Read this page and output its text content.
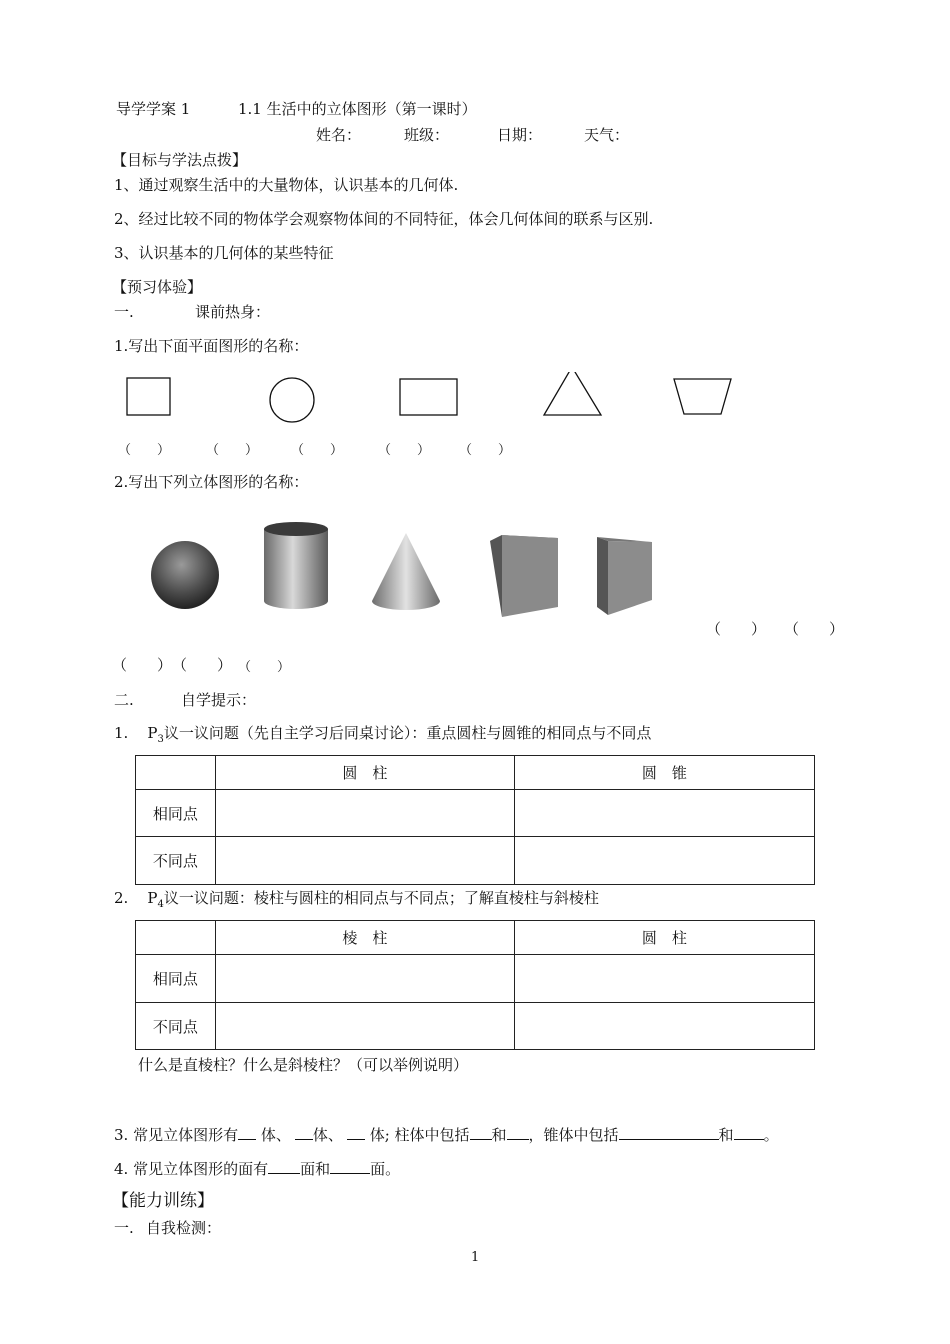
导学学案 1	1.1 生活中的立体图形（第一课时）
姓名：	班级：	日期：	天气：
【目标与学法点拨】
1、通过观察生活中的大量物体，认识基本的几何体.
2、经过比较不同的物体学会观察物体间的不同特征，体会几何体间的联系与区别.
3、认识基本的几何体的某些特征
【预习体验】
一.	课前热身：
1.写出下面平面图形的名称：
（　　）	（　　）	（　　）	（　　） （　　）
2.写出下列立体图形的名称：
（　　） （　　）
（　　） （　　） （　　）
二.	自学提示：
1. $P_3$议一议问题（先自主学习后同桌讨论）：重点圆柱与圆锥的相同点与不同点
	圆　柱	圆　锥
相同点		
不同点		
2. $P_4$议一议问题：棱柱与圆柱的相同点与不同点；了解直棱柱与斜棱柱
	棱　柱	圆　柱
相同点		
不同点		
什么是直棱柱？什么是斜棱柱？（可以举例说明）
3. 常见立体图形有 体、 体、 体; 柱体中包括 和 ，锥体中包括	和 。
4. 常见立体图形的面有 面和	面。
【能力训练】
一. 自我检测：
1
